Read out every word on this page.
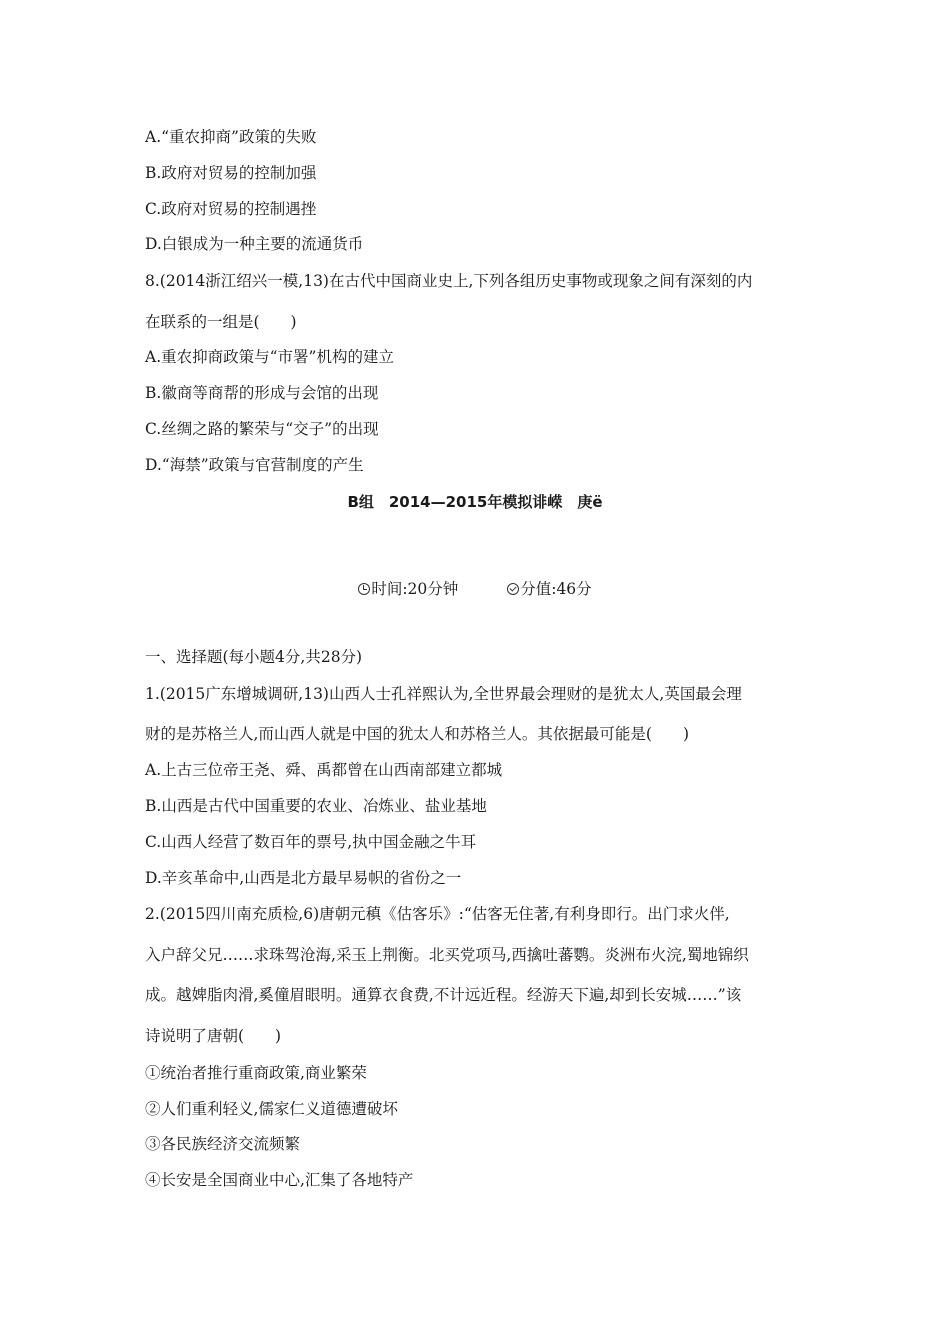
A.“重农抑商”政策的失败
B.政府对贸易的控制加强
C.政府对贸易的控制遇挫
D.白银成为一种主要的流通货币
8.(2014浙江绍兴一模,13)在古代中国商业史上,下列各组历史事物或现象之间有深刻的内
在联系的一组是(　　)
A.重农抑商政策与“市署”机构的建立
B.徽商等商帮的形成与会馆的出现
C.丝绸之路的繁荣与“交子”的出现
D.“海禁”政策与官营制度的产生
B组　2014—2015年模拟诽嵘　庚ё
时间:20分钟	分值:46分
一、选择题(每小题4分,共28分)
1.(2015广东增城调研,13)山西人士孔祥熙认为,全世界最会理财的是犹太人,英国最会理
财的是苏格兰人,而山西人就是中国的犹太人和苏格兰人。其依据最可能是(　　)
A.上古三位帝王尧、舜、禹都曾在山西南部建立都城
B.山西是古代中国重要的农业、冶炼业、盐业基地
C.山西人经营了数百年的票号,执中国金融之牛耳
D.辛亥革命中,山西是北方最早易帜的省份之一
2.(2015四川南充质检,6)唐朝元稹《估客乐》:“估客无住著,有利身即行。出门求火伴,
入户辞父兄……求珠驾沧海,采玉上荆衡。北买党项马,西擒吐蕃鹦。炎洲布火浣,蜀地锦织
成。越婢脂肉滑,奚僮眉眼明。通算衣食费,不计远近程。经游天下遍,却到长安城……”该
诗说明了唐朝(　　)
①统治者推行重商政策,商业繁荣
②人们重利轻义,儒家仁义道德遭破坏
③各民族经济交流频繁
④长安是全国商业中心,汇集了各地特产
